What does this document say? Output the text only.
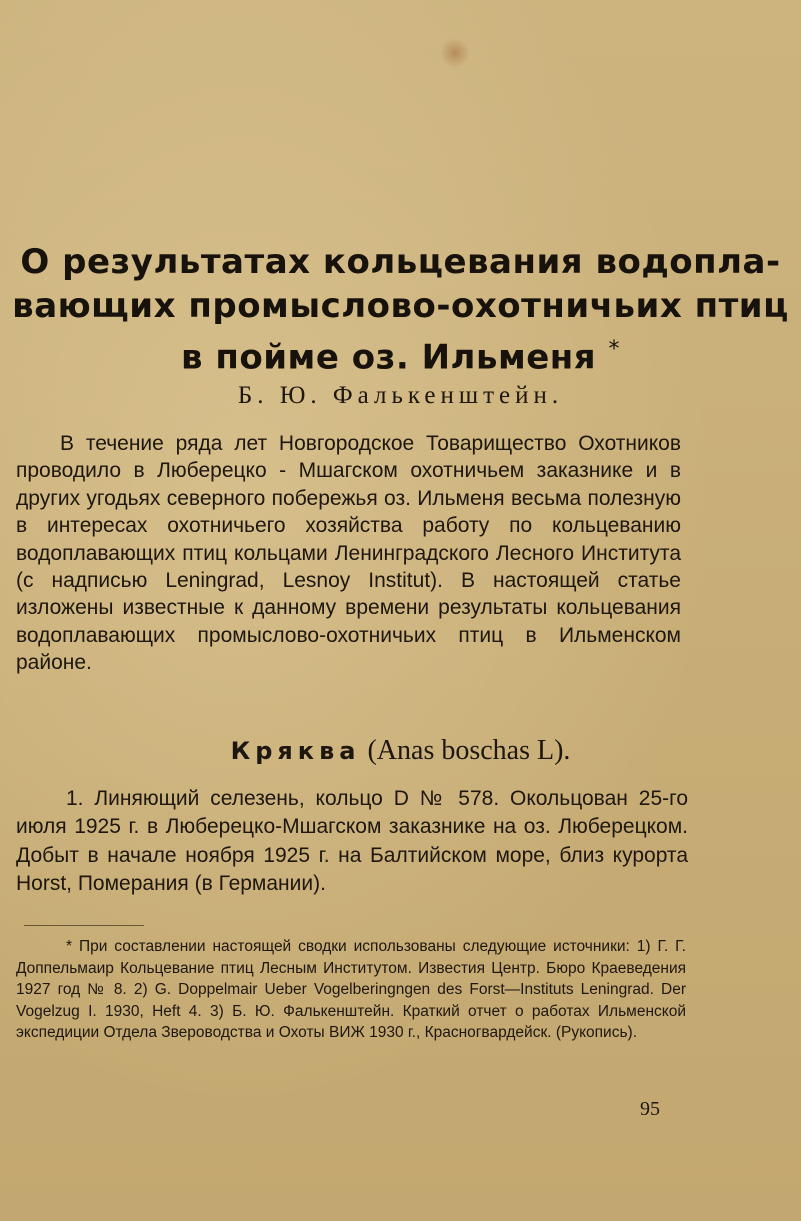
О результатах кольцевания водопла-
вающих промыслово-охотничьих птиц
в пойме оз. Ильменя *
Б. Ю. Фалькенштейн.

В течение ряда лет Новгородское Товарищество Охотников проводило в Люберецко - Мшагском охотничьем заказнике и в других угодьях северного побережья оз. Ильменя весьма полезную в интересах охотничьего хозяйства работу по кольцеванию водоплавающих птиц кольцами Ленинградского Лесного Института (с надписью Leningrad, Lesnoy Institut). В настоящей статье изложены известные к данному времени результаты кольцевания водоплавающих промыслово-охотничьих птиц в Ильменском районе.

Кряква (Anas boschas L).

1. Линяющий селезень, кольцо D № 578. Окольцован 25-го июля 1925 г. в Люберецко-Мшагском заказнике на оз. Люберецком. Добыт в начале ноября 1925 г. на Балтийском море, близ курорта Horst, Померания (в Германии).

* При составлении настоящей сводки использованы следующие источники: 1) Г. Г. Доппельмаир Кольцевание птиц Лесным Институтом. Известия Центр. Бюро Краеведения 1927 год № 8. 2) G. Doppelmair Ueber Vogelberingngen des Forst—Instituts Leningrad. Der Vogelzug I. 1930, Heft 4. 3) Б. Ю. Фалькенштейн. Краткий отчет о работах Ильменской экспедиции Отдела Звероводства и Охоты ВИЖ 1930 г., Красногвардейск. (Рукопись).

95
